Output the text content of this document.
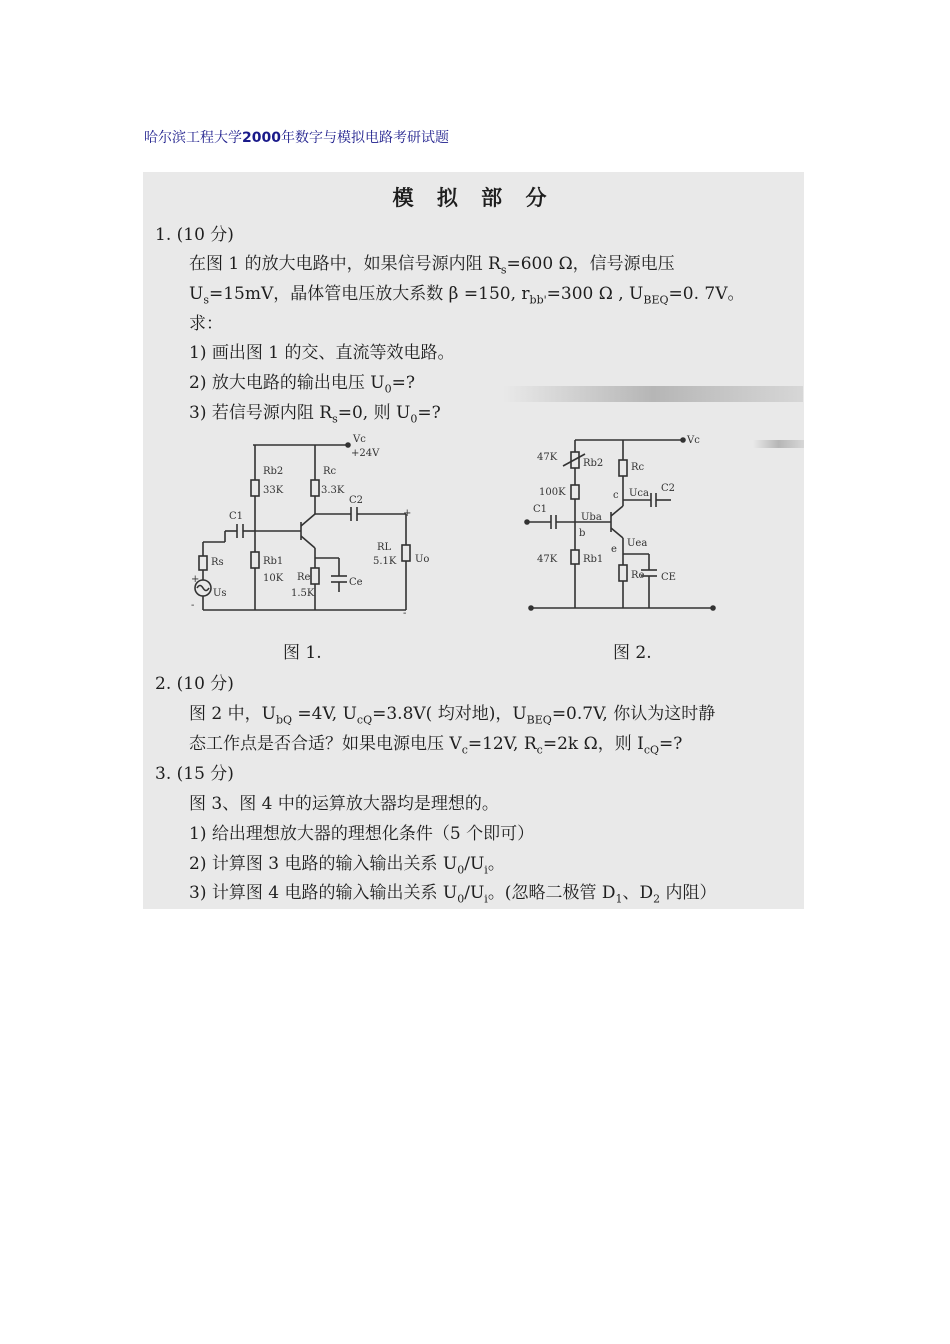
哈尔滨工程大学2000年数字与模拟电路考研试题
模 拟 部 分
1. (10 分)
在图 1 的放大电路中，如果信号源内阻 $R_s=600$ Ω，信号源电压
$U_s=15mV$，晶体管电压放大系数 β =150, $r_{bb'}=300$ Ω , $U_{BEQ}=0$. 7V。
求：
1) 画出图 1 的交、直流等效电路。
2) 放大电路的输出电压 $U_0=$?
3) 若信号源内阻 $R_s=0$, 则 $U_0=$?
Vc
+24V
Rb2
33K
Rc
3.3K
C2
C1
Rs	Rb1
10K Re
1.5K
Ce
RL
5.1K Uo
Us
+
-
+
-
图 1.
Vc
47K
Rb2
100K
Rc
c Uca C2
C1
Uba
b
47K	Rb1
Uea
e
Re CE
图 2.
2. (10 分)
图 2 中，$U_{bQ} =4V$, $U_{cQ}=3.8V$( 均对地)，$U_{BEQ}=0.7V$, 你认为这时静
态工作点是否合适？如果电源电压 $V_c=12V$, $R_c=2k$ Ω，则 $I_{cQ}=$?
3. (15 分)
图 3、图 4 中的运算放大器均是理想的。
1) 给出理想放大器的理想化条件（5 个即可）
2) 计算图 3 电路的输入输出关系 $U_0/U_i$。
3) 计算图 4 电路的输入输出关系 $U_0/U_i$。(忽略二极管 $D_1$、$D_2$ 内阻）
